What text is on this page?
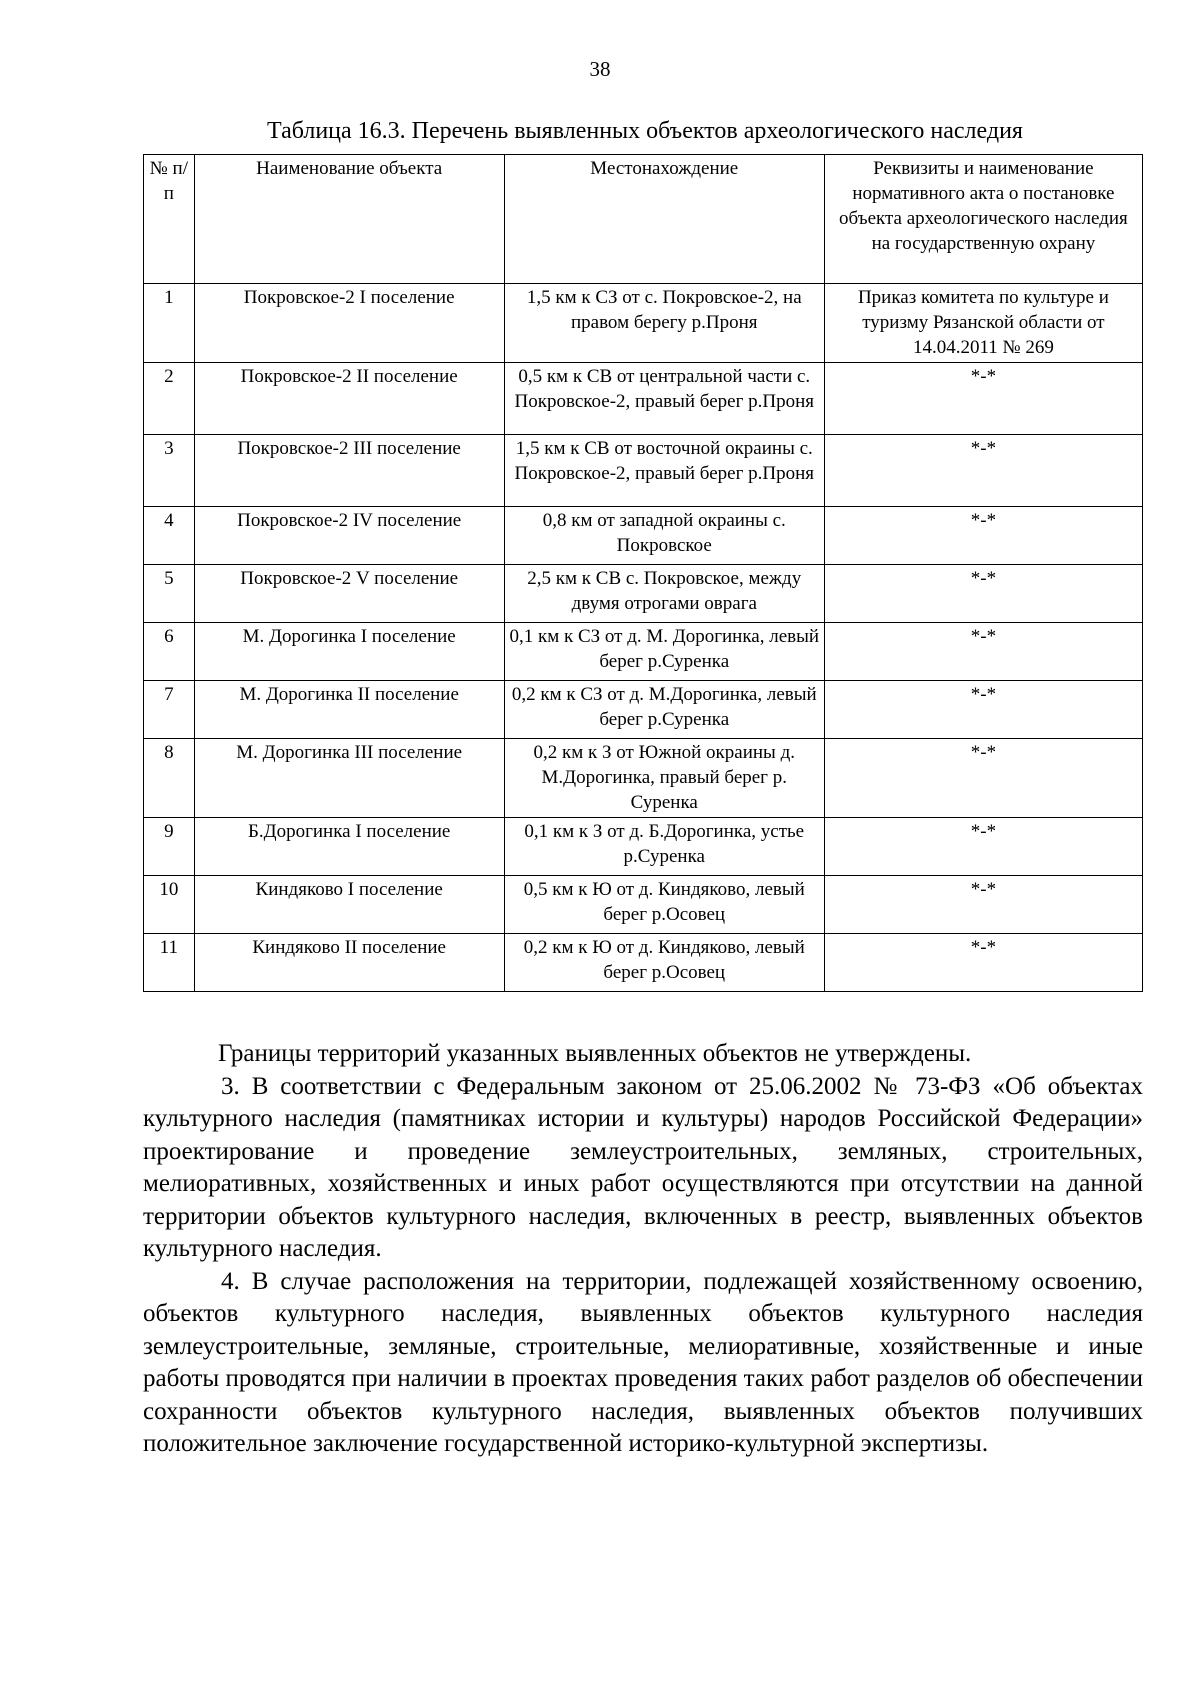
38
Таблица 16.3. Перечень выявленных объектов археологического наследия
№ п/п	Наименование объекта	Местонахождение	Реквизиты и наименование нормативного акта о постановке объекта археологического наследия на государственную охрану
1	Покровское-2 I поселение	1,5 км к СЗ от с. Покровское-2, на правом берегу р.Проня	Приказ комитета по культуре и туризму Рязанской области от 14.04.2011 № 269
2	Покровское-2 II поселение	0,5 км к СВ от центральной части с. Покровское-2, правый берег р.Проня	*-*
3	Покровское-2 III поселение	1,5 км к СВ от восточной окраины с. Покровское-2, правый берег р.Проня	*-*
4	Покровское-2 IV поселение	0,8 км от западной окраины с. Покровское	*-*
5	Покровское-2 V поселение	2,5 км к СВ с. Покровское, между двумя отрогами оврага	*-*
6	М. Дорогинка I поселение	0,1 км к СЗ от д. М. Дорогинка, левый берег р.Суренка	*-*
7	М. Дорогинка II поселение	0,2 км к СЗ от д. М.Дорогинка, левый берег р.Суренка	*-*
8	М. Дорогинка III поселение	0,2 км к З от Южной окраины д. М.Дорогинка, правый берег р. Суренка	*-*
9	Б.Дорогинка I поселение	0,1 км к З от д. Б.Дорогинка, устье р.Суренка	*-*
10	Киндяково I поселение	0,5 км к Ю от д. Киндяково, левый берег р.Осовец	*-*
11	Киндяково II поселение	0,2 км к Ю от д. Киндяково, левый берег р.Осовец	*-*

Границы территорий указанных выявленных объектов не утверждены.

3. В соответствии с Федеральным законом от 25.06.2002 № 73-ФЗ «Об объектах культурного наследия (памятниках истории и культуры) народов Российской Федерации» проектирование и проведение землеустроительных, земляных, строительных, мелиоративных, хозяйственных и иных работ осуществляются при отсутствии на данной территории объектов культурного наследия, включенных в реестр, выявленных объектов культурного наследия.

4. В случае расположения на территории, подлежащей хозяйственному освоению, объектов культурного наследия, выявленных объектов культурного наследия землеустроительные, земляные, строительные, мелиоративные, хозяйственные и иные работы проводятся при наличии в проектах проведения таких работ разделов об обеспечении сохранности объектов культурного наследия, выявленных объектов получивших положительное заключение государственной историко-культурной экспертизы.
